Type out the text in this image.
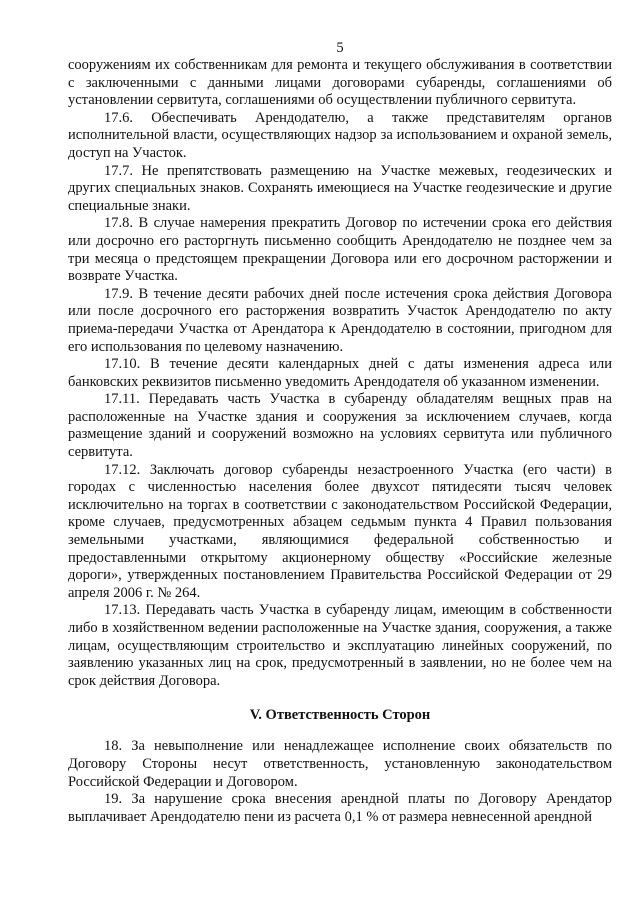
5

сооружениям их собственникам для ремонта и текущего обслуживания в соответствии с заключенными с данными лицами договорами субаренды, соглашениями об установлении сервитута, соглашениями об осуществлении публичного сервитута.

17.6. Обеспечивать Арендодателю, а также представителям органов исполнительной власти, осуществляющих надзор за использованием и охраной земель, доступ на Участок.

17.7. Не препятствовать размещению на Участке межевых, геодезических и других специальных знаков. Сохранять имеющиеся на Участке геодезические и другие специальные знаки.

17.8. В случае намерения прекратить Договор по истечении срока его действия или досрочно его расторгнуть письменно сообщить Арендодателю не позднее чем за три месяца о предстоящем прекращении Договора или его досрочном расторжении и возврате Участка.

17.9. В течение десяти рабочих дней после истечения срока действия Договора или после досрочного его расторжения возвратить Участок Арендодателю по акту приема-передачи Участка от Арендатора к Арендодателю в состоянии, пригодном для его использования по целевому назначению.

17.10. В течение десяти календарных дней с даты изменения адреса или банковских реквизитов письменно уведомить Арендодателя об указанном изменении.

17.11. Передавать часть Участка в субаренду обладателям вещных прав на расположенные на Участке здания и сооружения за исключением случаев, когда размещение зданий и сооружений возможно на условиях сервитута или публичного сервитута.

17.12. Заключать договор субаренды незастроенного Участка (его части) в городах с численностью населения более двухсот пятидесяти тысяч человек исключительно на торгах в соответствии с законодательством Российской Федерации, кроме случаев, предусмотренных абзацем седьмым пункта 4 Правил пользования земельными участками, являющимися федеральной собственностью и предоставленными открытому акционерному обществу «Российские железные дороги», утвержденных постановлением Правительства Российской Федерации от 29 апреля 2006 г. № 264.

17.13. Передавать часть Участка в субаренду лицам, имеющим в собственности либо в хозяйственном ведении расположенные на Участке здания, сооружения, а также лицам, осуществляющим строительство и эксплуатацию линейных сооружений, по заявлению указанных лиц на срок, предусмотренный в заявлении, но не более чем на срок действия Договора.

V. Ответственность Сторон

18. За невыполнение или ненадлежащее исполнение своих обязательств по Договору Стороны несут ответственность, установленную законодательством Российской Федерации и Договором.

19. За нарушение срока внесения арендной платы по Договору Арендатор выплачивает Арендодателю пени из расчета 0,1 % от размера невнесенной арендной
